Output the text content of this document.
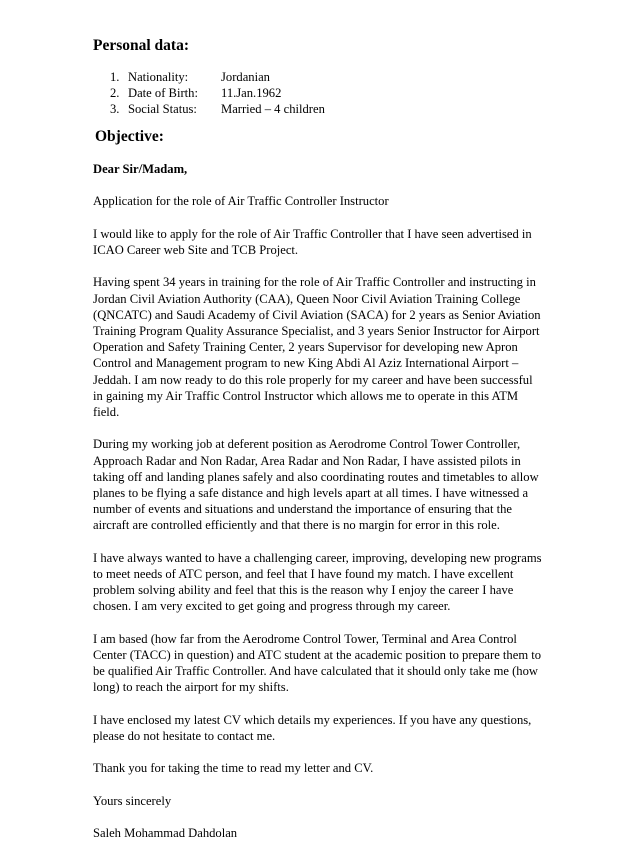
Personal data:
1. Nationality:	Jordanian
2. Date of Birth:	11.Jan.1962
3. Social Status:	Married – 4 children
Objective:

Dear Sir/Madam,

Application for the role of Air Traffic Controller Instructor

I would like to apply for the role of Air Traffic Controller that I have seen advertised in
ICAO Career web Site and TCB Project.

Having spent 34 years in training for the role of Air Traffic Controller and instructing in
Jordan Civil Aviation Authority (CAA), Queen Noor Civil Aviation Training College
(QNCATC) and Saudi Academy of Civil Aviation (SACA) for 2 years as Senior Aviation
Training Program Quality Assurance Specialist, and 3 years Senior Instructor for Airport
Operation and Safety Training Center, 2 years Supervisor for developing new Apron
Control and Management program to new King Abdi Al Aziz International Airport –
Jeddah. I am now ready to do this role properly for my career and have been successful
in gaining my Air Traffic Control Instructor which allows me to operate in this ATM
field.

During my working job at deferent position as Aerodrome Control Tower Controller,
Approach Radar and Non Radar, Area Radar and Non Radar, I have assisted pilots in
taking off and landing planes safely and also coordinating routes and timetables to allow
planes to be flying a safe distance and high levels apart at all times. I have witnessed a
number of events and situations and understand the importance of ensuring that the
aircraft are controlled efficiently and that there is no margin for error in this role.

I have always wanted to have a challenging career, improving, developing new programs
to meet needs of ATC person, and feel that I have found my match. I have excellent
problem solving ability and feel that this is the reason why I enjoy the career I have
chosen. I am very excited to get going and progress through my career.

I am based (how far from the Aerodrome Control Tower, Terminal and Area Control
Center (TACC) in question) and ATC student at the academic position to prepare them to
be qualified Air Traffic Controller. And have calculated that it should only take me (how
long) to reach the airport for my shifts.

I have enclosed my latest CV which details my experiences. If you have any questions,
please do not hesitate to contact me.

Thank you for taking the time to read my letter and CV.

Yours sincerely

Saleh Mohammad Dahdolan
